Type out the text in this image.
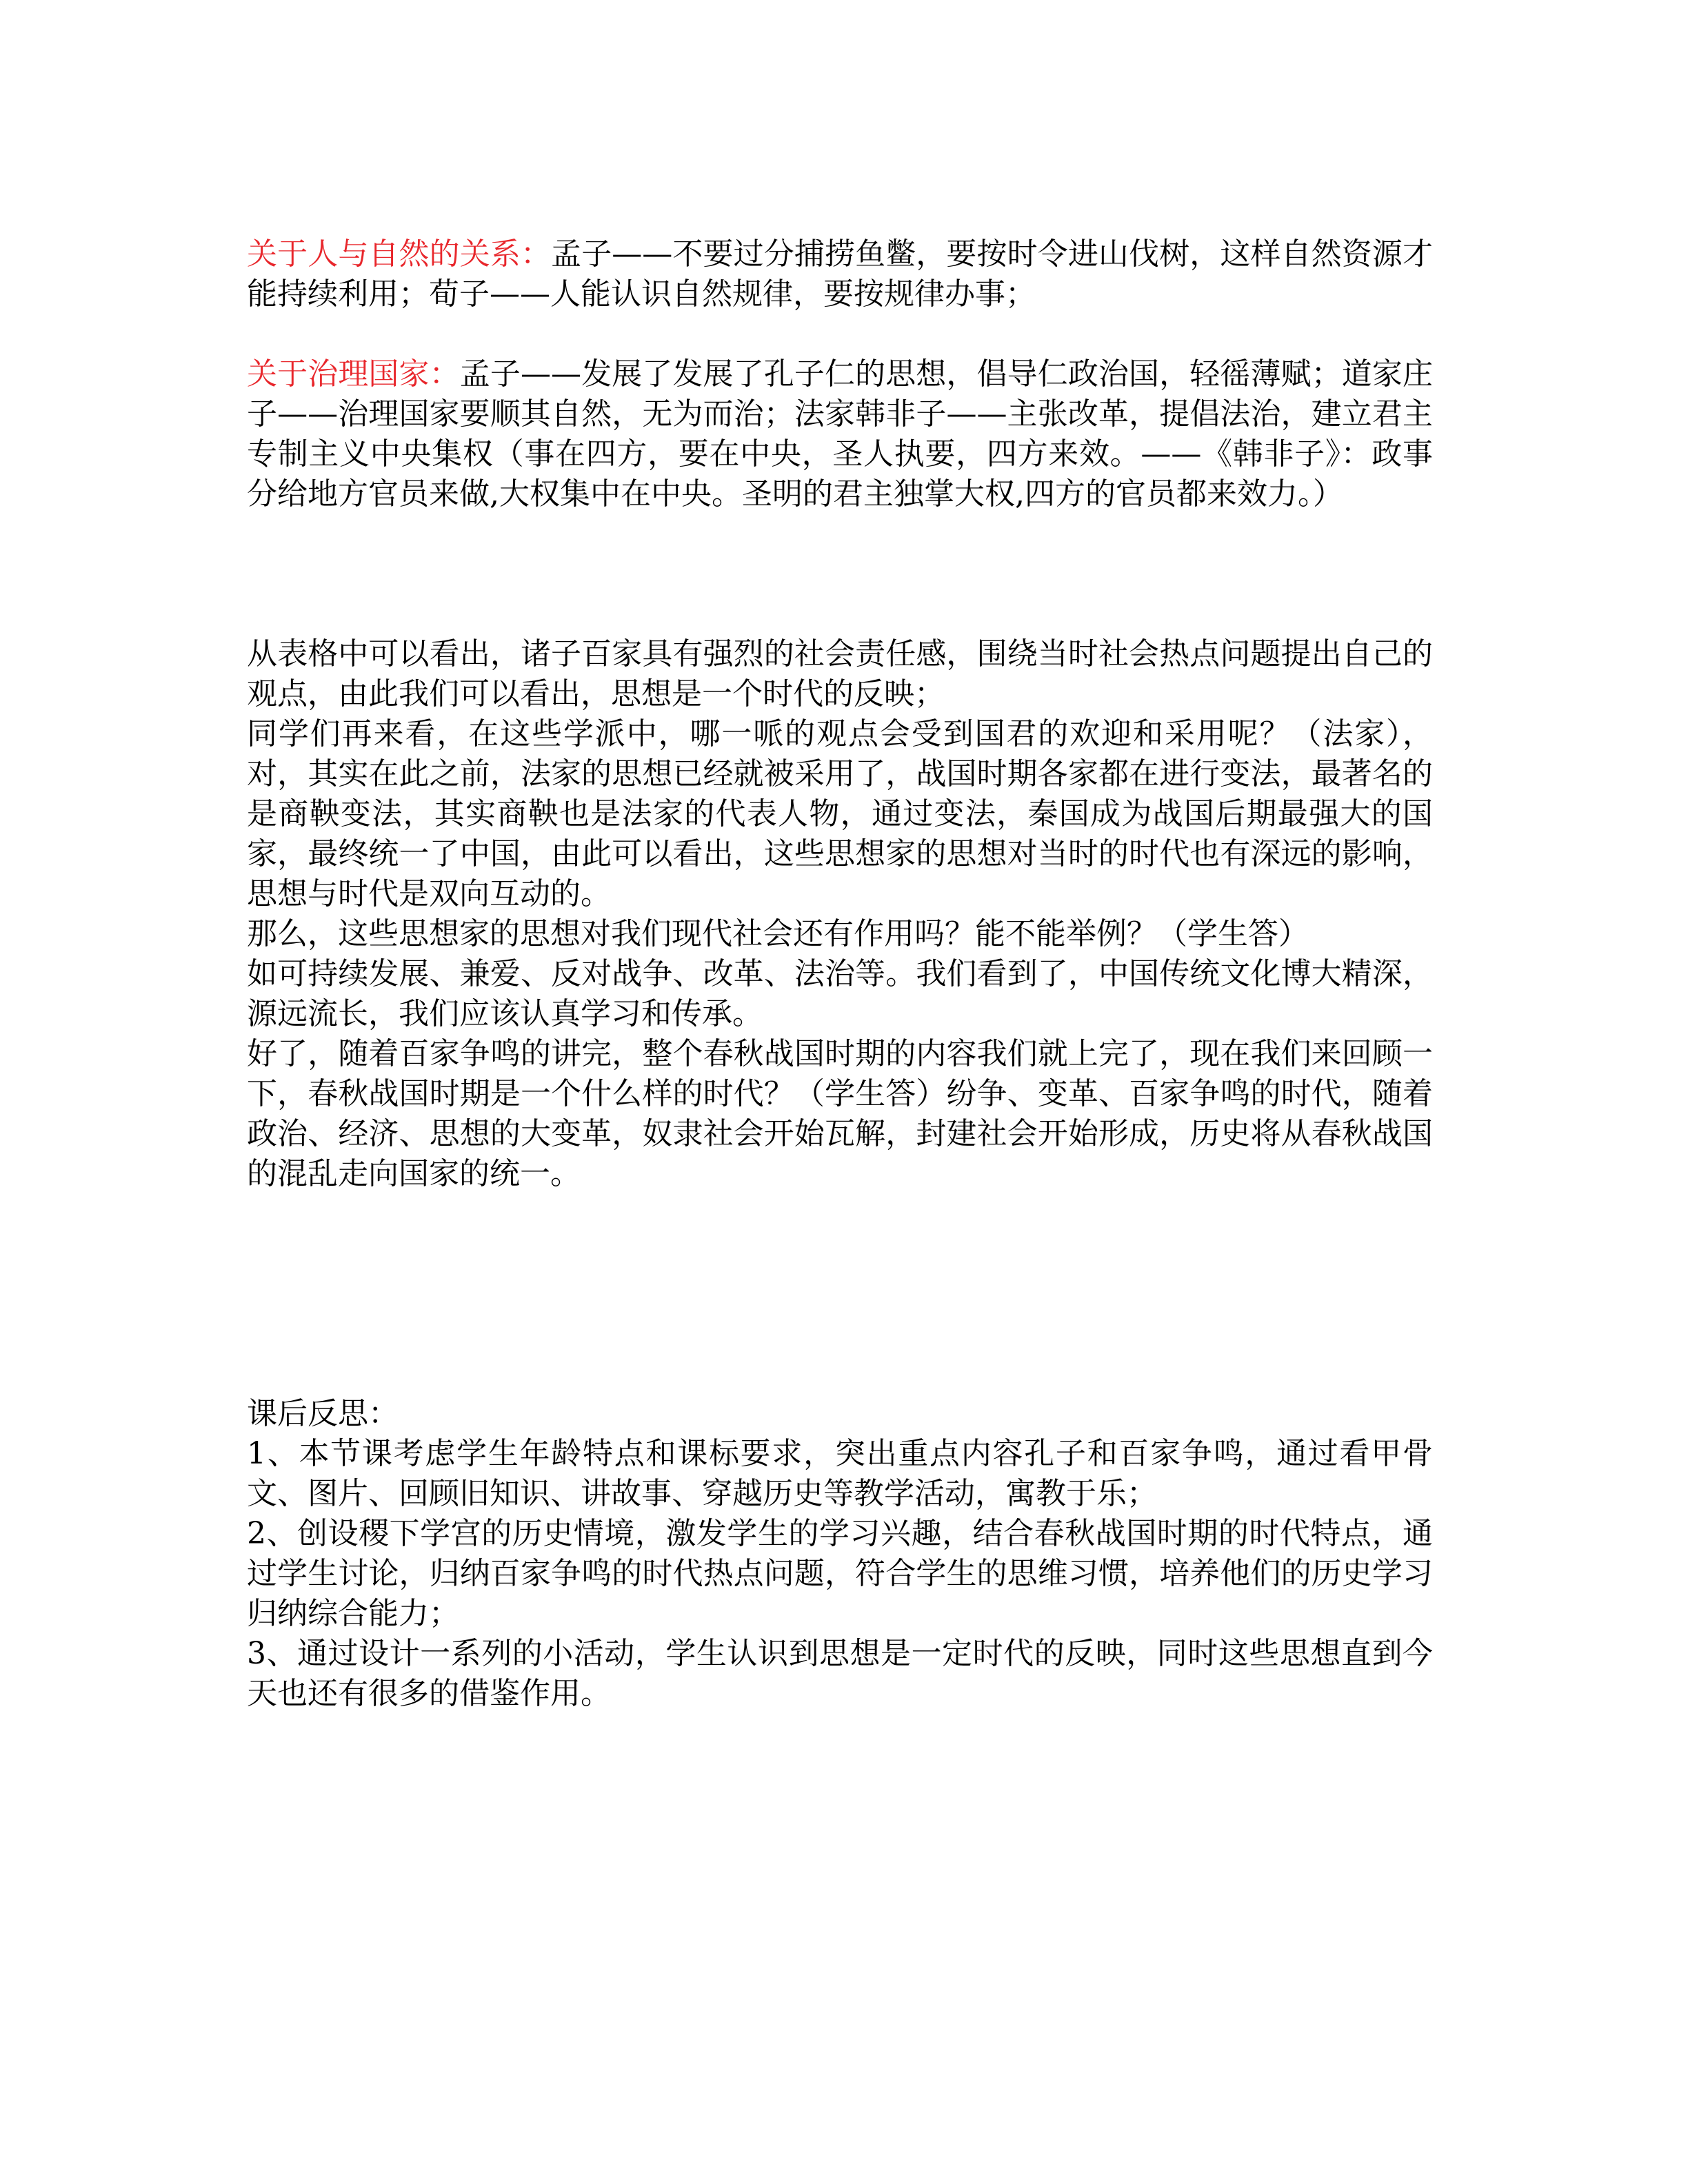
关于人与自然的关系：孟子——不要过分捕捞鱼鳖，要按时令进山伐树，这样自然资源才能持续利用；荀子——人能认识自然规律，要按规律办事；

关于治理国家：孟子——发展了发展了孔子仁的思想，倡导仁政治国，轻徭薄赋；道家庄子——治理国家要顺其自然，无为而治；法家韩非子——主张改革，提倡法治，建立君主专制主义中央集权（事在四方，要在中央，圣人执要，四方来效。——《韩非子》：政事分给地方官员来做,大权集中在中央。圣明的君主独掌大权,四方的官员都来效力。）

从表格中可以看出，诸子百家具有强烈的社会责任感，围绕当时社会热点问题提出自己的观点，由此我们可以看出，思想是一个时代的反映；

同学们再来看，在这些学派中，哪一哌的观点会受到国君的欢迎和采用呢？（法家），对，其实在此之前，法家的思想已经就被采用了，战国时期各家都在进行变法，最著名的是商鞅变法，其实商鞅也是法家的代表人物，通过变法，秦国成为战国后期最强大的国家，最终统一了中国，由此可以看出，这些思想家的思想对当时的时代也有深远的影响，思想与时代是双向互动的。

那么，这些思想家的思想对我们现代社会还有作用吗？能不能举例？（学生答）

如可持续发展、兼爱、反对战争、改革、法治等。我们看到了，中国传统文化博大精深，源远流长，我们应该认真学习和传承。

好了，随着百家争鸣的讲完，整个春秋战国时期的内容我们就上完了，现在我们来回顾一下，春秋战国时期是一个什么样的时代？（学生答）纷争、变革、百家争鸣的时代，随着政治、经济、思想的大变革，奴隶社会开始瓦解，封建社会开始形成，历史将从春秋战国的混乱走向国家的统一。

课后反思：

1、本节课考虑学生年龄特点和课标要求，突出重点内容孔子和百家争鸣，通过看甲骨文、图片、回顾旧知识、讲故事、穿越历史等教学活动，寓教于乐；

2、创设稷下学宫的历史情境，激发学生的学习兴趣，结合春秋战国时期的时代特点，通过学生讨论，归纳百家争鸣的时代热点问题，符合学生的思维习惯，培养他们的历史学习归纳综合能力；

3、通过设计一系列的小活动，学生认识到思想是一定时代的反映，同时这些思想直到今天也还有很多的借鉴作用。
